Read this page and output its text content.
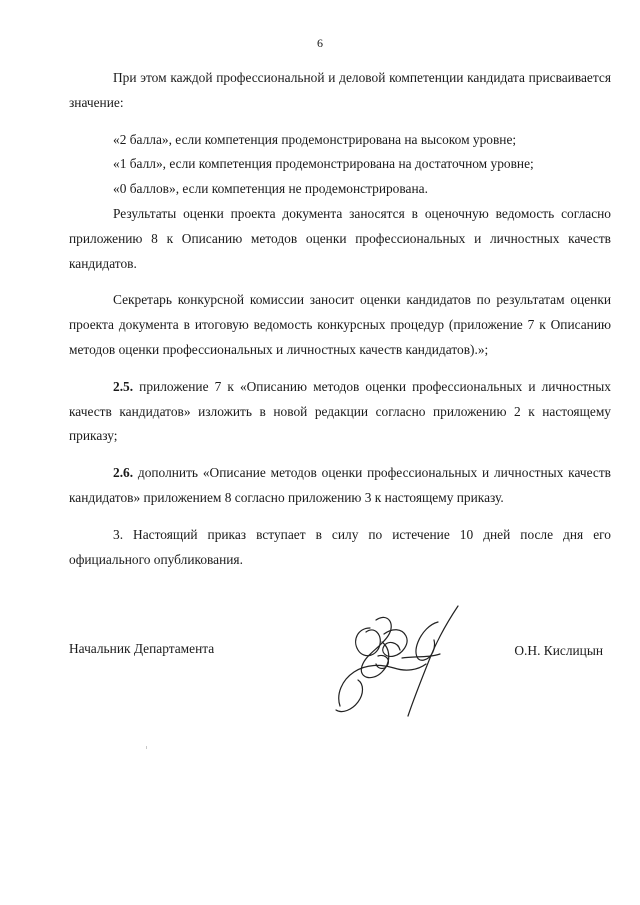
6

При этом каждой профессиональной и деловой компетенции кандидата присваивается значение:

«2 балла», если компетенция продемонстрирована на высоком уровне;

«1 балл», если компетенция продемонстрирована на достаточном уровне;

«0 баллов», если компетенция не продемонстрирована.

Результаты оценки проекта документа заносятся в оценочную ведомость согласно приложению 8 к Описанию методов оценки профессиональных и личностных качеств кандидатов.

Секретарь конкурсной комиссии заносит оценки кандидатов по результатам оценки проекта документа в итоговую ведомость конкурсных процедур (приложение 7 к Описанию методов оценки профессиональных и личностных качеств кандидатов).»;

2.5. приложение 7 к «Описанию методов оценки профессиональных и личностных качеств кандидатов» изложить в новой редакции согласно приложению 2 к настоящему приказу;

2.6. дополнить «Описание методов оценки профессиональных и личностных качеств кандидатов» приложением 8 согласно приложению 3 к настоящему приказу.

3. Настоящий приказ вступает в силу по истечение 10 дней после дня его официального опубликования.

Начальник Департамента	О.Н. Кислицын
